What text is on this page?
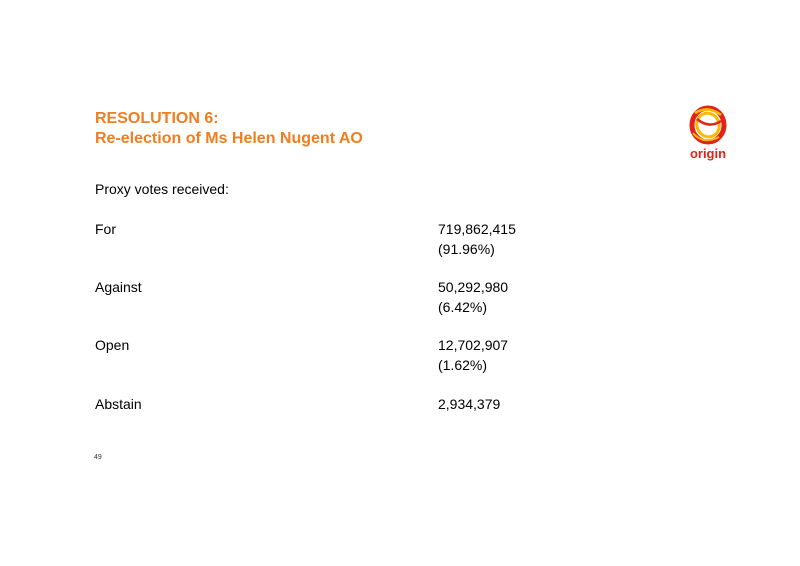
RESOLUTION 6:
Re-election of Ms Helen Nugent AO
origin
Proxy votes received:
For	719,862,415
(91.96%)
Against	50,292,980
(6.42%)
Open	12,702,907
(1.62%)
Abstain	2,934,379
49
